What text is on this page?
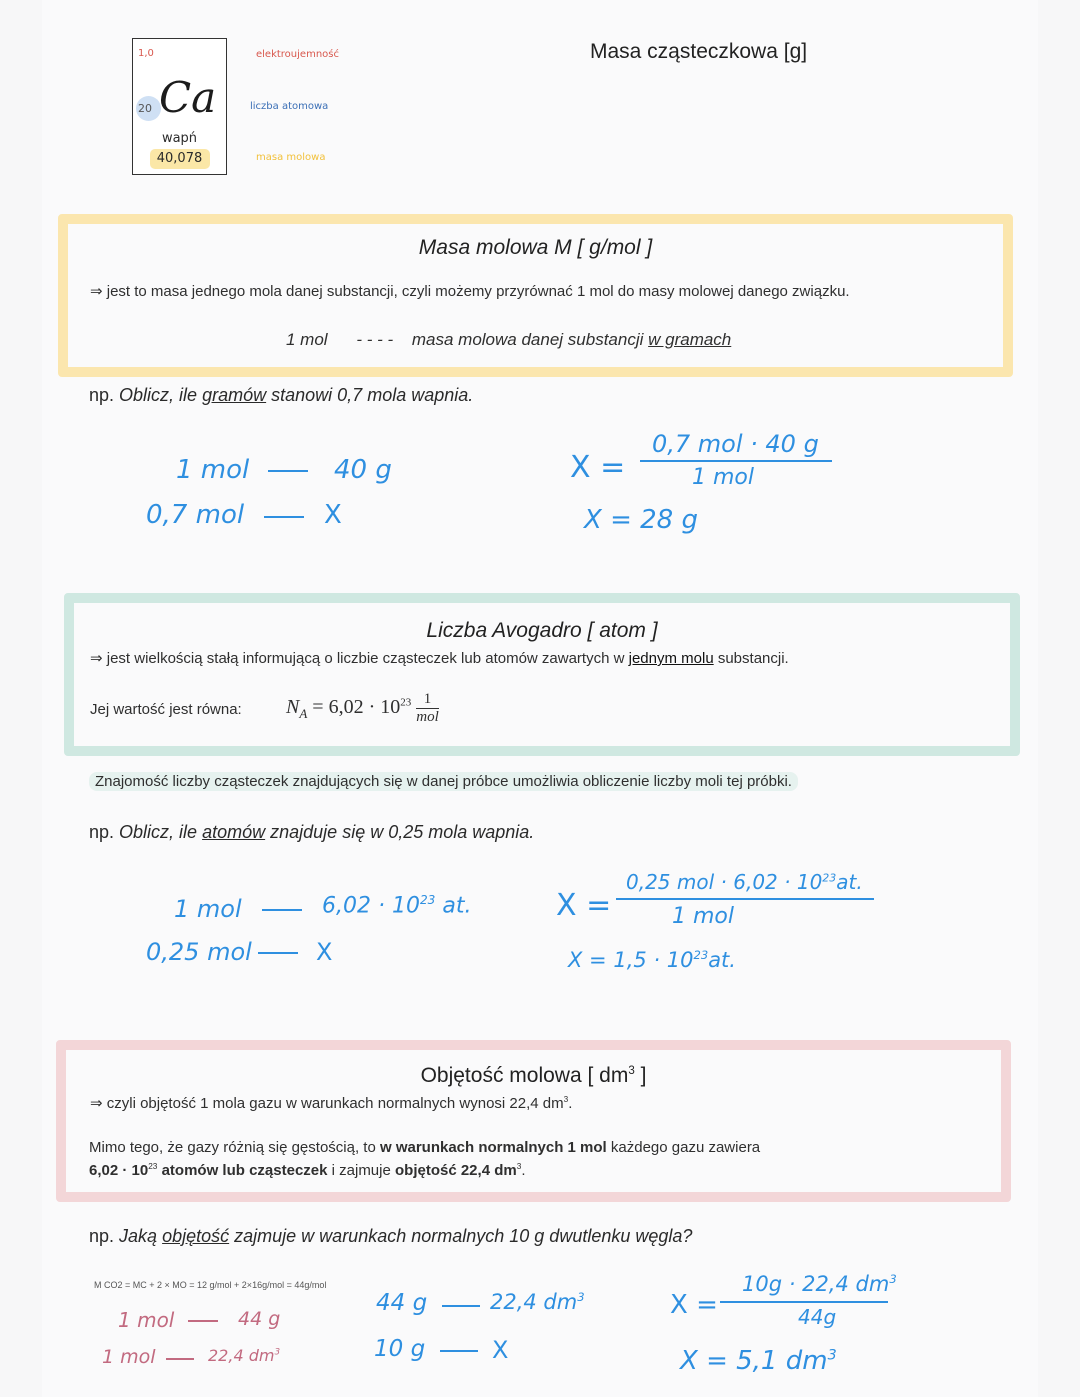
1,0
20 Ca
wapń
40,078
elektroujemność
liczba atomowa
masa molowa
Masa cząsteczkowa [g]
Masa molowa M [ g/mol ]
⇒ jest to masa jednego mola danej substancji, czyli możemy przyrównać 1 mol do masy molowej danego związku.
1 mol - - - - masa molowa danej substancji w gramach
np. Oblicz, ile gramów stanowi 0,7 mola wapnia.
1 mol	40 g
0,7 mol	X
X =
0,7 mol · 40 g
1 mol
X = 28 g
Liczba Avogadro [ atom ]
⇒ jest wielkością stałą informującą o liczbie cząsteczek lub atomów zawartych w jednym molu substancji.
Jej wartość jest równa: $N_A = 6,02 \cdot 10^{23}$ 1
mol
Znajomość liczby cząsteczek znajdujących się w danej próbce umożliwia obliczenie liczby moli tej próbki.
np. Oblicz, ile atomów znajduje się w 0,25 mola wapnia.
1 mol	$6,02 \cdot 10^{23}$ at.
0,25 mol	X
X =
0,25 mol · $6,02 \cdot 10^{23}at$.
1 mol
$X = 1,5 \cdot 10^{23}at$.
Objętość molowa [ $dm^3$ ]
⇒ czyli objętość 1 mola gazu w warunkach normalnych wynosi 22,4 $dm^3$.
Mimo tego, że gazy różnią się gęstością, to w warunkach normalnych 1 mol każdego gazu zawiera
$6,02 \cdot 10^{23}$ atomów lub cząsteczek i zajmuje objętość 22,4 $dm^3$.
np. Jaką objętość zajmuje w warunkach normalnych 10 g dwutlenku węgla?
M CO2 = MC + 2 × MO = 12 g/mol + 2×16g/mol = 44g/mol
1 mol	44 g
1 mol	22,4 $dm^3$
44 g	22,4 $dm^3$
10 g	X
X =
10g · 22,4 $dm^3$
44g
X = 5,1 $dm^3$
